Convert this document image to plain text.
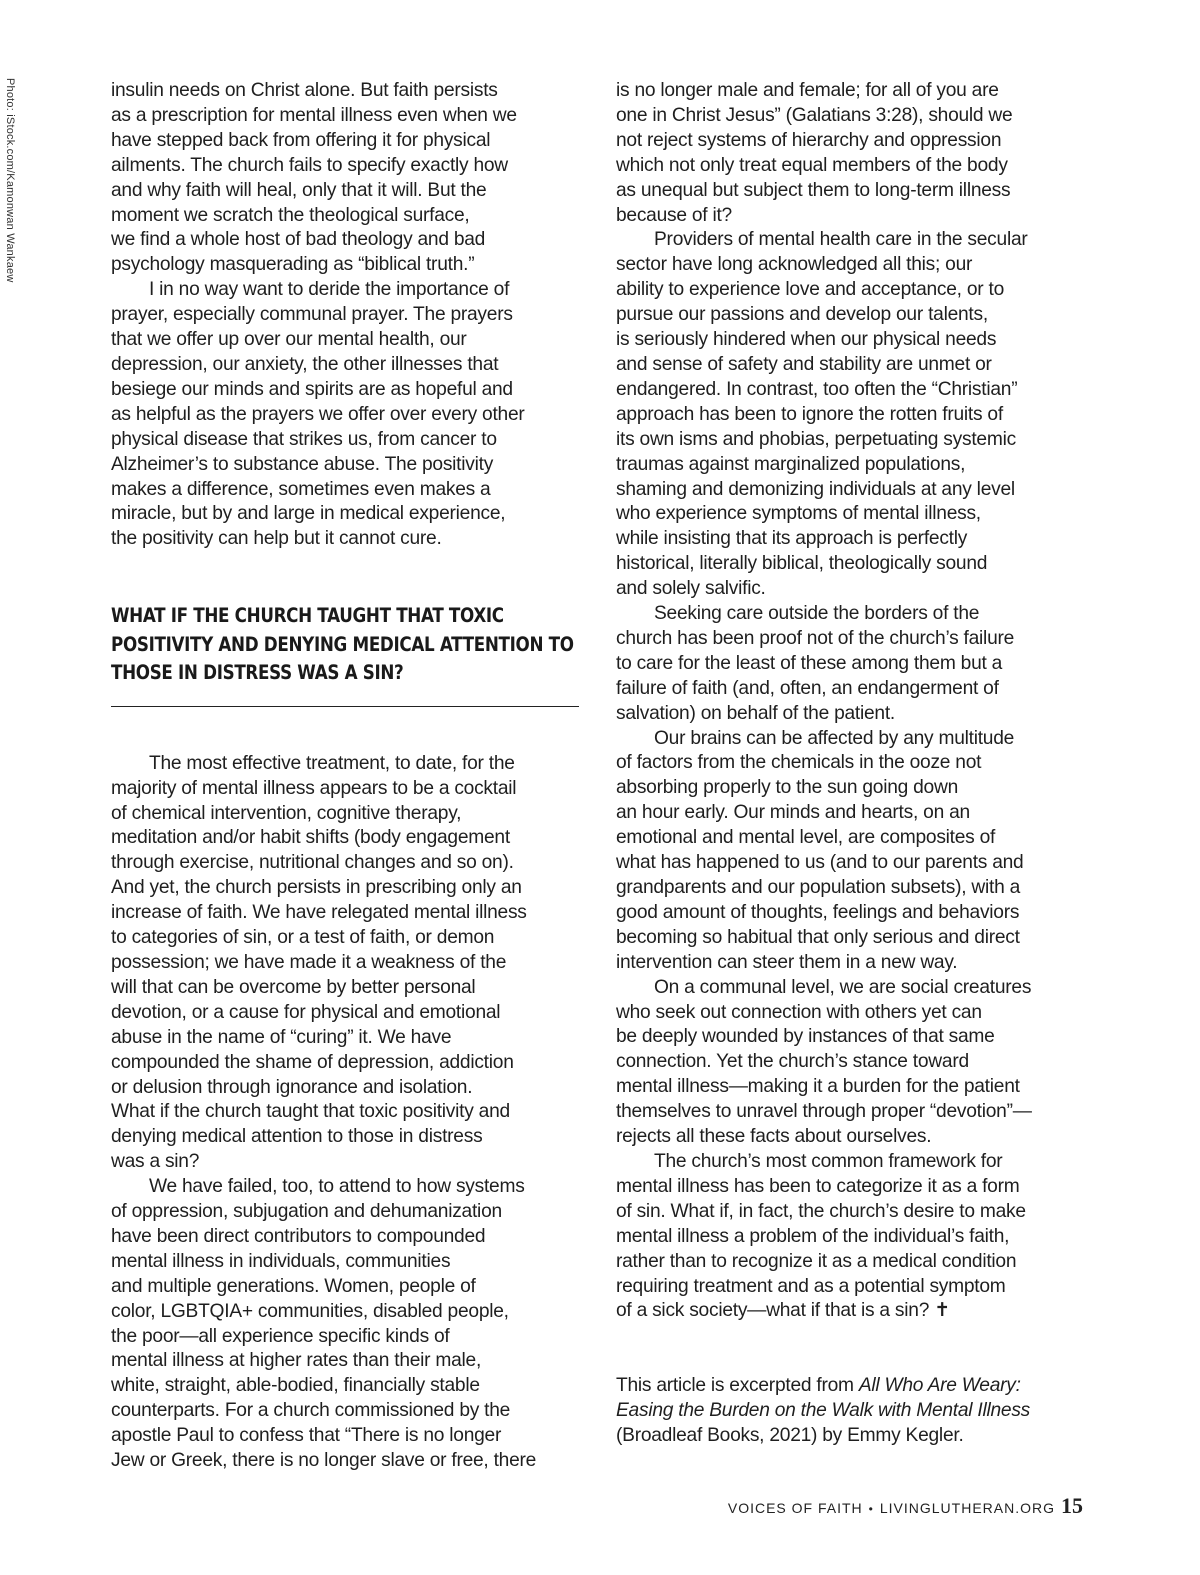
Photo: iStock.com/Kamonwan Wankaew	insulin needs on Christ alone. But faith persists
as a prescription for mental illness even when we
have stepped back from offering it for physical
ailments. The church fails to specify exactly how
and why faith will heal, only that it will. But the
moment we scratch the theological surface,
we find a whole host of bad theology and bad
psychology masquerading as “biblical truth.”

I in no way want to deride the importance of
prayer, especially communal prayer. The prayers
that we offer up over our mental health, our
depression, our anxiety, the other illnesses that
besiege our minds and spirits are as hopeful and
as helpful as the prayers we offer over every other
physical disease that strikes us, from cancer to
Alzheimer’s to substance abuse. The positivity
makes a difference, sometimes even makes a
miracle, but by and large in medical experience,
the positivity can help but it cannot cure.

WHAT IF THE CHURCH TAUGHT THAT TOXIC
POSITIVITY AND DENYING MEDICAL ATTENTION TO
THOSE IN DISTRESS WAS A SIN?

The most effective treatment, to date, for the
majority of mental illness appears to be a cocktail
of chemical intervention, cognitive therapy,
meditation and/or habit shifts (body engagement
through exercise, nutritional changes and so on).
And yet, the church persists in prescribing only an
increase of faith. We have relegated mental illness
to categories of sin, or a test of faith, or demon
possession; we have made it a weakness of the
will that can be overcome by better personal
devotion, or a cause for physical and emotional
abuse in the name of “curing” it. We have
compounded the shame of depression, addiction
or delusion through ignorance and isolation.
What if the church taught that toxic positivity and
denying medical attention to those in distress
was a sin?

We have failed, too, to attend to how systems
of oppression, subjugation and dehumanization
have been direct contributors to compounded
mental illness in individuals, communities
and multiple generations. Women, people of
color, LGBTQIA+ communities, disabled people,
the poor—all experience specific kinds of
mental illness at higher rates than their male,
white, straight, able-bodied, financially stable
counterparts. For a church commissioned by the
apostle Paul to confess that “There is no longer
Jew or Greek, there is no longer slave or free, there

is no longer male and female; for all of you are
one in Christ Jesus” (Galatians 3:28), should we
not reject systems of hierarchy and oppression
which not only treat equal members of the body
as unequal but subject them to long-term illness
because of it?

Providers of mental health care in the secular
sector have long acknowledged all this; our
ability to experience love and acceptance, or to
pursue our passions and develop our talents,
is seriously hindered when our physical needs
and sense of safety and stability are unmet or
endangered. In contrast, too often the “Christian”
approach has been to ignore the rotten fruits of
its own isms and phobias, perpetuating systemic
traumas against marginalized populations,
shaming and demonizing individuals at any level
who experience symptoms of mental illness,
while insisting that its approach is perfectly
historical, literally biblical, theologically sound
and solely salvific.

Seeking care outside the borders of the
church has been proof not of the church’s failure
to care for the least of these among them but a
failure of faith (and, often, an endangerment of
salvation) on behalf of the patient.

Our brains can be affected by any multitude
of factors from the chemicals in the ooze not
absorbing properly to the sun going down
an hour early. Our minds and hearts, on an
emotional and mental level, are composites of
what has happened to us (and to our parents and
grandparents and our population subsets), with a
good amount of thoughts, feelings and behaviors
becoming so habitual that only serious and direct
intervention can steer them in a new way.

On a communal level, we are social creatures
who seek out connection with others yet can
be deeply wounded by instances of that same
connection. Yet the church’s stance toward
mental illness—making it a burden for the patient
themselves to unravel through proper “devotion”—
rejects all these facts about ourselves.

The church’s most common framework for
mental illness has been to categorize it as a form
of sin. What if, in fact, the church’s desire to make
mental illness a problem of the individual’s faith,
rather than to recognize it as a medical condition
requiring treatment and as a potential symptom
of a sick society—what if that is a sin? ✝

This article is excerpted from All Who Are Weary:
Easing the Burden on the Walk with Mental Illness
(Broadleaf Books, 2021) by Emmy Kegler.

VOICES OF FAITH • LIVINGLUTHERAN.ORG 15
